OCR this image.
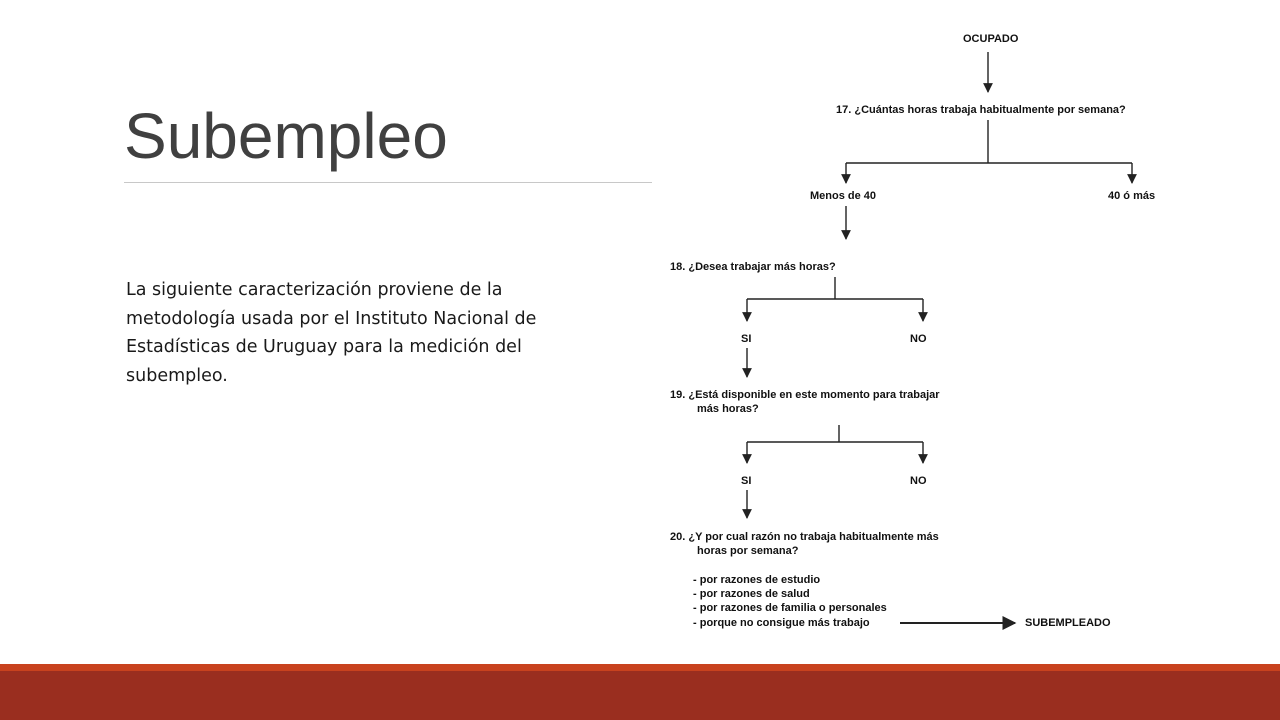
Subempleo

La siguiente caracterización proviene de la metodología usada por el Instituto Nacional de Estadísticas de Uruguay para la medición del subempleo.

OCUPADO
17. ¿Cuántas horas trabaja habitualmente por semana?
Menos de 40	40 ó más
18. ¿Desea trabajar más horas?
SI	NO
19. ¿Está disponible en este momento para trabajar
más horas?
SI	NO
20. ¿Y por cual razón no trabaja habitualmente más
horas por semana?
- por razones de estudio
- por razones de salud
- por razones de familia o personales
- porque no consigue más trabajo	SUBEMPLEADO
